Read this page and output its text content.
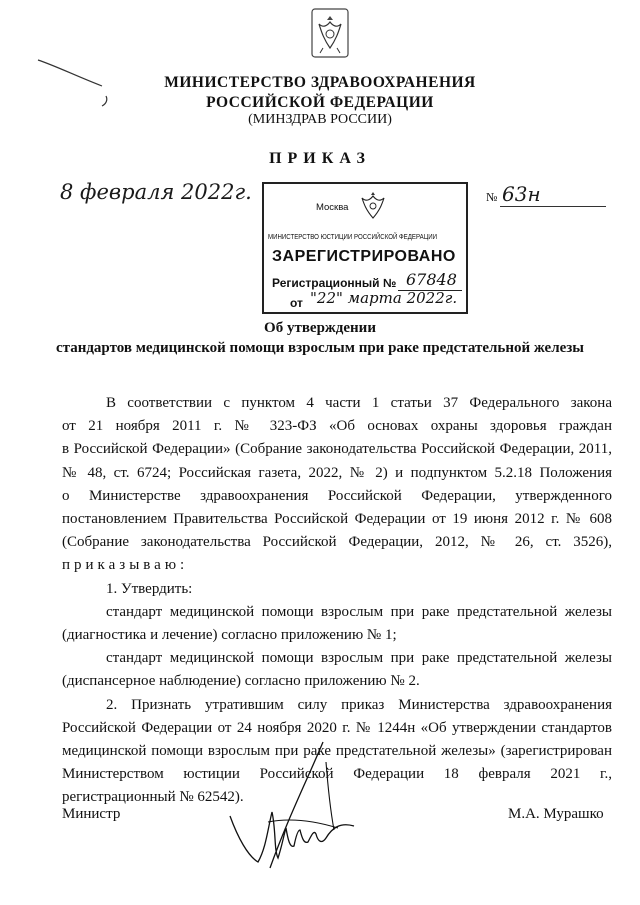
МИНИСТЕРСТВО ЗДРАВООХРАНЕНИЯ
РОССИЙСКОЙ ФЕДЕРАЦИИ
(МИНЗДРАВ РОССИИ)
ПРИКАЗ
8 февраля 2022г.	№ 63н
Москва
МИНИСТЕРСТВО ЮСТИЦИИ РОССИЙСКОЙ ФЕДЕРАЦИИ
ЗАРЕГИСТРИРОВАНО
Регистрационный № 67848
от "22" марта 2022г.
Об утверждении
стандартов медицинской помощи взрослым при раке предстательной железы
В соответствии с пунктом 4 части 1 статьи 37 Федерального закона
от 21 ноября 2011 г. № 323-ФЗ «Об основах охраны здоровья граждан
в Российской Федерации» (Собрание законодательства Российской Федерации, 2011,
№ 48, ст. 6724; Российская газета, 2022, № 2) и подпунктом 5.2.18 Положения
о Министерстве здравоохранения Российской Федерации, утвержденного
постановлением Правительства Российской Федерации от 19 июня 2012 г. № 608
(Собрание законодательства Российской Федерации, 2012, № 26, ст. 3526),
приказываю:
1. Утвердить:
стандарт медицинской помощи взрослым при раке предстательной железы
(диагностика и лечение) согласно приложению № 1;
стандарт медицинской помощи взрослым при раке предстательной железы
(диспансерное наблюдение) согласно приложению № 2.
2. Признать утратившим силу приказ Министерства здравоохранения
Российской Федерации от 24 ноября 2020 г. № 1244н «Об утверждении стандартов
медицинской помощи взрослым при раке предстательной железы» (зарегистрирован
Министерством юстиции Российской Федерации 18 февраля 2021 г.,
регистрационный № 62542).
Министр	М.А. Мурашко
